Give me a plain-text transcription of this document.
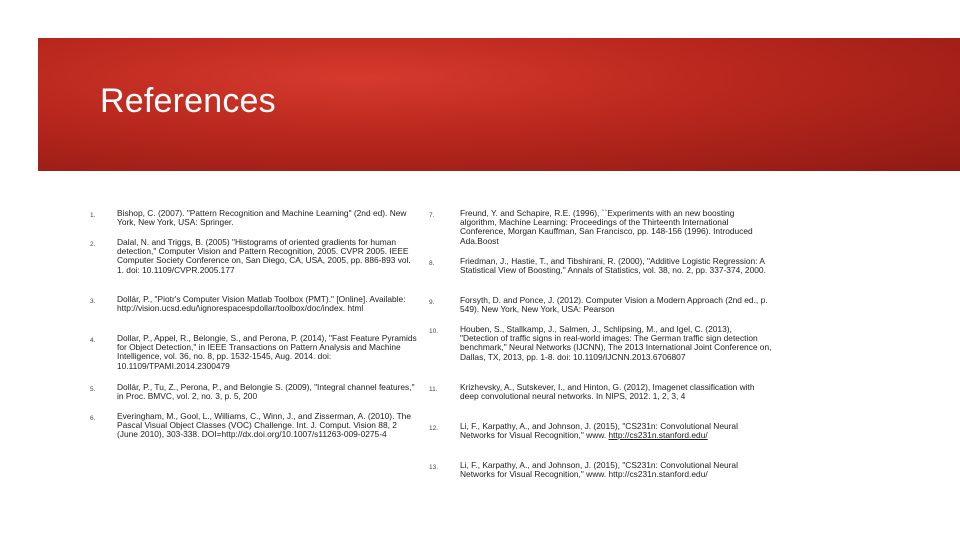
References
1.	Bishop, C. (2007). "Pattern Recognition and Machine Learning" (2nd ed). New York, New York, USA: Springer.
2.	Dalal, N. and Triggs, B. (2005) "Histograms of oriented gradients for human detection," Computer Vision and Pattern Recognition, 2005. CVPR 2005. IEEE Computer Society Conference on, San Diego, CA, USA, 2005, pp. 886-893 vol. 1. doi: 10.1109/CVPR.2005.177
3.	Dollár, P., "Piotr's Computer Vision Matlab Toolbox (PMT)." [Online]. Available: http://vision.ucsd.edu/\ignorespacespdollar/toolbox/doc/index. html
4.	Dollar, P., Appel, R., Belongie, S., and Perona, P. (2014), "Fast Feature Pyramids for Object Detection," in IEEE Transactions on Pattern Analysis and Machine Intelligence, vol. 36, no. 8, pp. 1532-1545, Aug. 2014. doi: 10.1109/TPAMI.2014.2300479
5.	Dollár, P., Tu, Z., Perona, P., and Belongie S. (2009), "Integral channel features," in Proc. BMVC, vol. 2, no. 3, p. 5, 200
6.	Everingham, M., Gool, L., Williams, C., Winn, J., and Zisserman, A. (2010). The Pascal Visual Object Classes (VOC) Challenge. Int. J. Comput. Vision 88, 2 (June 2010), 303-338. DOI=http://dx.doi.org/10.1007/s11263-009-0275-4
7.	Freund, Y. and Schapire, R.E. (1996), ``Experiments with an new boosting algorithm, Machine Learning: Proceedings of the Thirteenth International Conference, Morgan Kauffman, San Francisco, pp. 148-156 (1996). Introduced Ada.Boost
8.	Friedman, J., Hastie, T., and Tibshirani, R. (2000), "Additive Logistic Regression: A Statistical View of Boosting," Annals of Statistics, vol. 38, no. 2, pp. 337-374, 2000.
9.	Forsyth, D. and Ponce, J. (2012). Computer Vision a Modern Approach (2nd ed., p. 549). New York, New York, USA: Pearson
10.	Houben, S., Stallkamp, J., Salmen, J., Schlipsing, M., and Igel, C. (2013), "Detection of traffic signs in real-world images: The German traffic sign detection benchmark," Neural Networks (IJCNN), The 2013 International Joint Conference on, Dallas, TX, 2013, pp. 1-8. doi: 10.1109/IJCNN.2013.6706807
11.	Krizhevsky, A., Sutskever, I., and Hinton, G. (2012), Imagenet classification with deep convolutional neural networks. In NIPS, 2012. 1, 2, 3, 4
12.	Li, F., Karpathy, A., and Johnson, J. (2015), "CS231n: Convolutional Neural Networks for Visual Recognition," www. http://cs231n.stanford.edu/
13.	Li, F., Karpathy, A., and Johnson, J. (2015), "CS231n: Convolutional Neural Networks for Visual Recognition," www. http://cs231n.stanford.edu/
